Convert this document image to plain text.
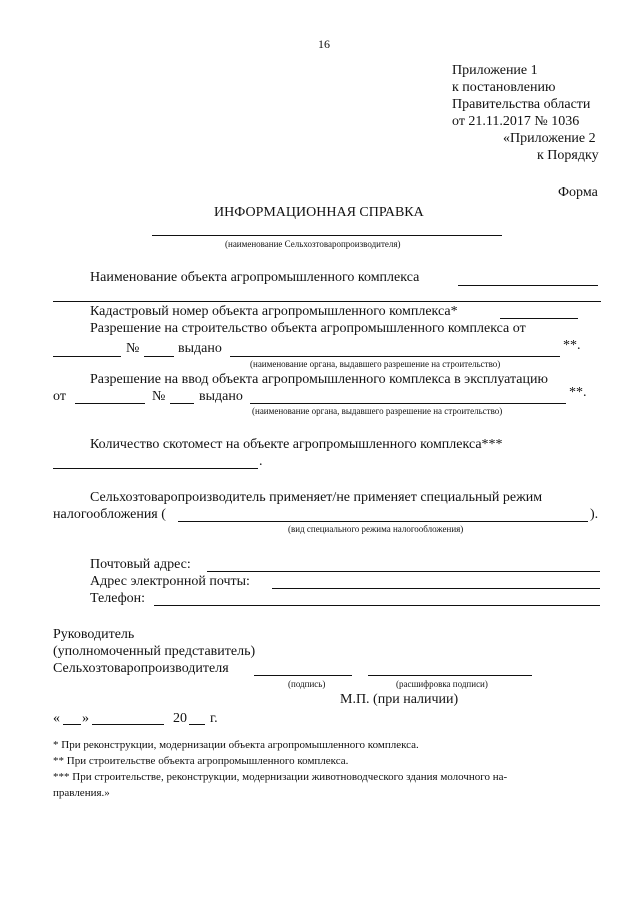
16
Приложение 1
к постановлению
Правительства области
от 21.11.2017 № 1036
«Приложение 2
к Порядку
Форма
ИНФОРМАЦИОННАЯ СПРАВКА
(наименование Сельхозтоваропроизводителя)
Наименование объекта агропромышленного комплекса
Кадастровый номер объекта агропромышленного комплекса*
Разрешение на строительство объекта агропромышленного комплекса от
№	выдано	**.
(наименование органа, выдавшего разрешение на строительство)
Разрешение на ввод объекта агропромышленного комплекса в эксплуатацию
от	№ выдано	**.
(наименование органа, выдавшего разрешение на строительство)
Количество скотомест на объекте агропромышленного комплекса***
.
Сельхозтоваропроизводитель применяет/не применяет специальный режим
налогообложения (	).
(вид специального режима налогообложения)
Почтовый адрес:
Адрес электронной почты:
Телефон:
Руководитель
(уполномоченный представитель)
Сельхозтоваропроизводителя
(подпись)	(расшифровка подписи)
М.П. (при наличии)
« »	20 г.
* При реконструкции, модернизации объекта агропромышленного комплекса.
** При строительстве объекта агропромышленного комплекса.
*** При строительстве, реконструкции, модернизации животноводческого здания молочного на-
правления.»
